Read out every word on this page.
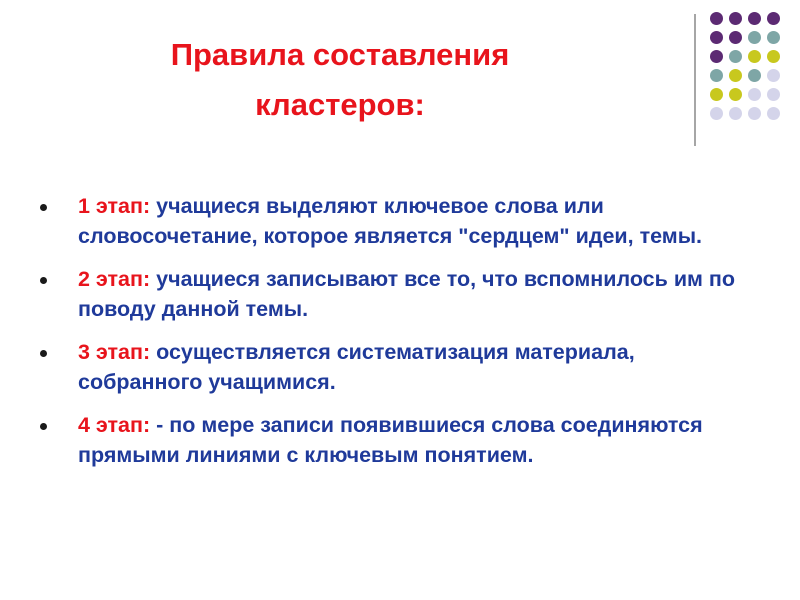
Правила составления
кластеров:
1 этап: учащиеся выделяют ключевое слова или словосочетание, которое является "сердцем" идеи, темы.
2 этап: учащиеся записывают все то, что вспомнилось им по поводу данной темы.
3 этап: осуществляется систематизация материала, собранного учащимися.
4 этап: - по мере записи появившиеся слова соединяются прямыми линиями с ключевым понятием.
